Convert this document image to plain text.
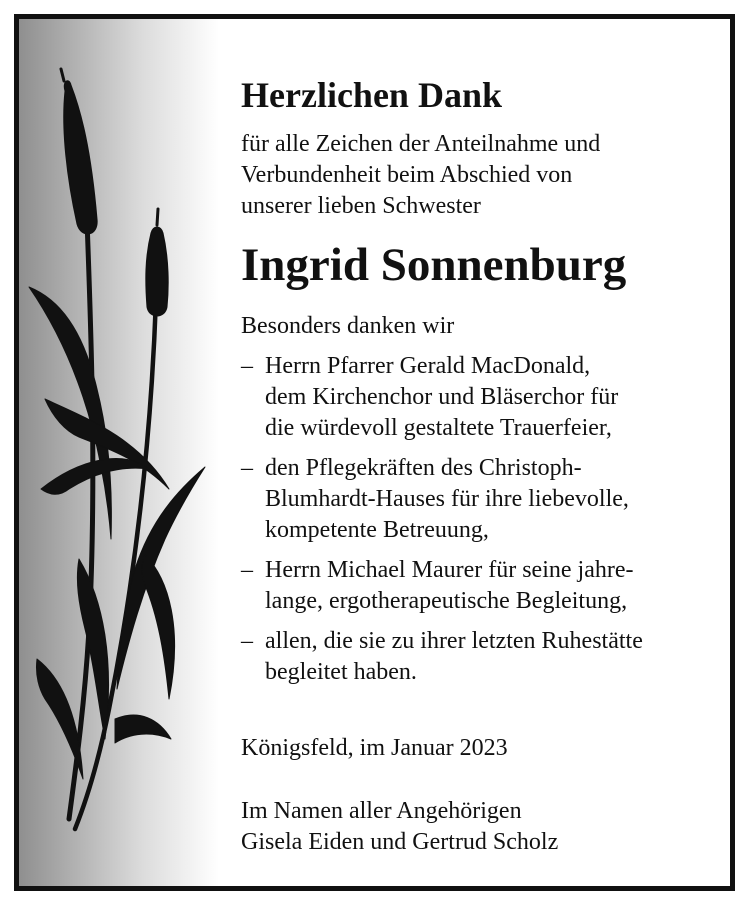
Herzlichen Dank

für alle Zeichen der Anteilnahme und
Verbundenheit beim Abschied von
unserer lieben Schwester

Ingrid Sonnenburg

Besonders danken wir

– Herrn Pfarrer Gerald MacDonald,
dem Kirchenchor und Bläserchor für
die würdevoll gestaltete Trauerfeier,
– den Pflegekräften des Christoph-
Blumhardt-Hauses für ihre liebevolle,
kompetente Betreuung,
– Herrn Michael Maurer für seine jahre-
lange, ergotherapeutische Begleitung,
– allen, die sie zu ihrer letzten Ruhestätte
begleitet haben.

Königsfeld, im Januar 2023

Im Namen aller Angehörigen
Gisela Eiden und Gertrud Scholz
